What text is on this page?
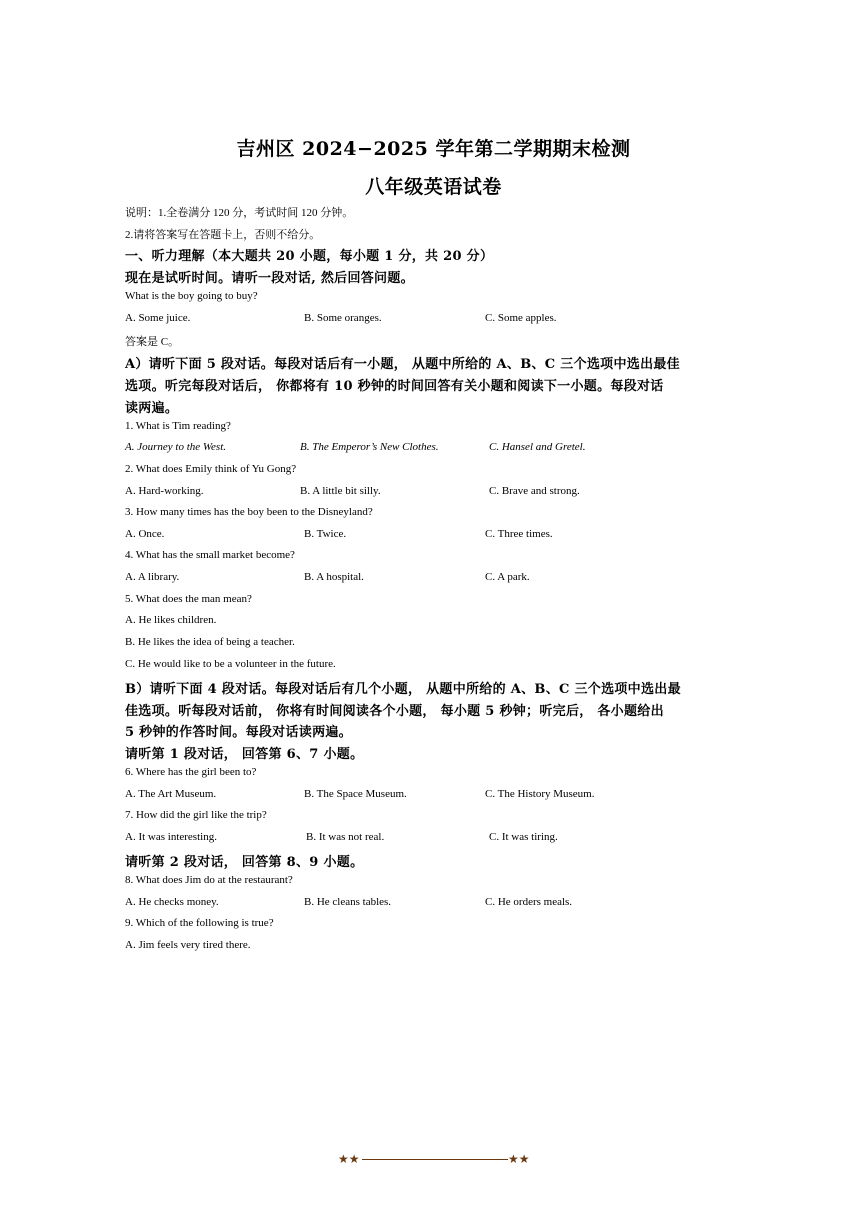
吉州区 2024−2025 学年第二学期期末检测
八年级英语试卷
说明：1.全卷满分 120 分，考试时间 120 分钟。
2.请将答案写在答题卡上，否则不给分。
一、听力理解（本大题共 20 小题，每小题 1 分，共 20 分）
现在是试听时间。请听一段对话, 然后回答问题。
What is the boy going to buy?
A. Some juice.	B. Some oranges.	C. Some apples.
答案是 C。
A）请听下面 5 段对话。每段对话后有一小题， 从题中所给的 A、B、C 三个选项中选出最佳
选项。听完每段对话后， 你都将有 10 秒钟的时间回答有关小题和阅读下一小题。每段对话
读两遍。
1. What is Tim reading?
A. Journey to the West.	B. The Emperor’s New Clothes.	C. Hansel and Gretel.
2. What does Emily think of Yu Gong?
A. Hard-working.	B. A little bit silly.	C. Brave and strong.
3. How many times has the boy been to the Disneyland?
A. Once.	B. Twice.	C. Three times.
4. What has the small market become?
A. A library.	B. A hospital.	C. A park.
5. What does the man mean?
A. He likes children.
B. He likes the idea of being a teacher.
C. He would like to be a volunteer in the future.
B）请听下面 4 段对话。每段对话后有几个小题， 从题中所给的 A、B、C 三个选项中选出最
佳选项。听每段对话前， 你将有时间阅读各个小题， 每小题 5 秒钟；听完后， 各小题给出
5 秒钟的作答时间。每段对话读两遍。
请听第 1 段对话， 回答第 6、7 小题。
6. Where has the girl been to?
A. The Art Museum.	B. The Space Museum.	C. The History Museum.
7. How did the girl like the trip?
A. It was interesting.	B. It was not real.	C. It was tiring.
请听第 2 段对话， 回答第 8、9 小题。
8. What does Jim do at the restaurant?
A. He checks money.	B. He cleans tables.	C. He orders meals.
9. Which of the following is true?
A. Jim feels very tired there.
★★	★★
